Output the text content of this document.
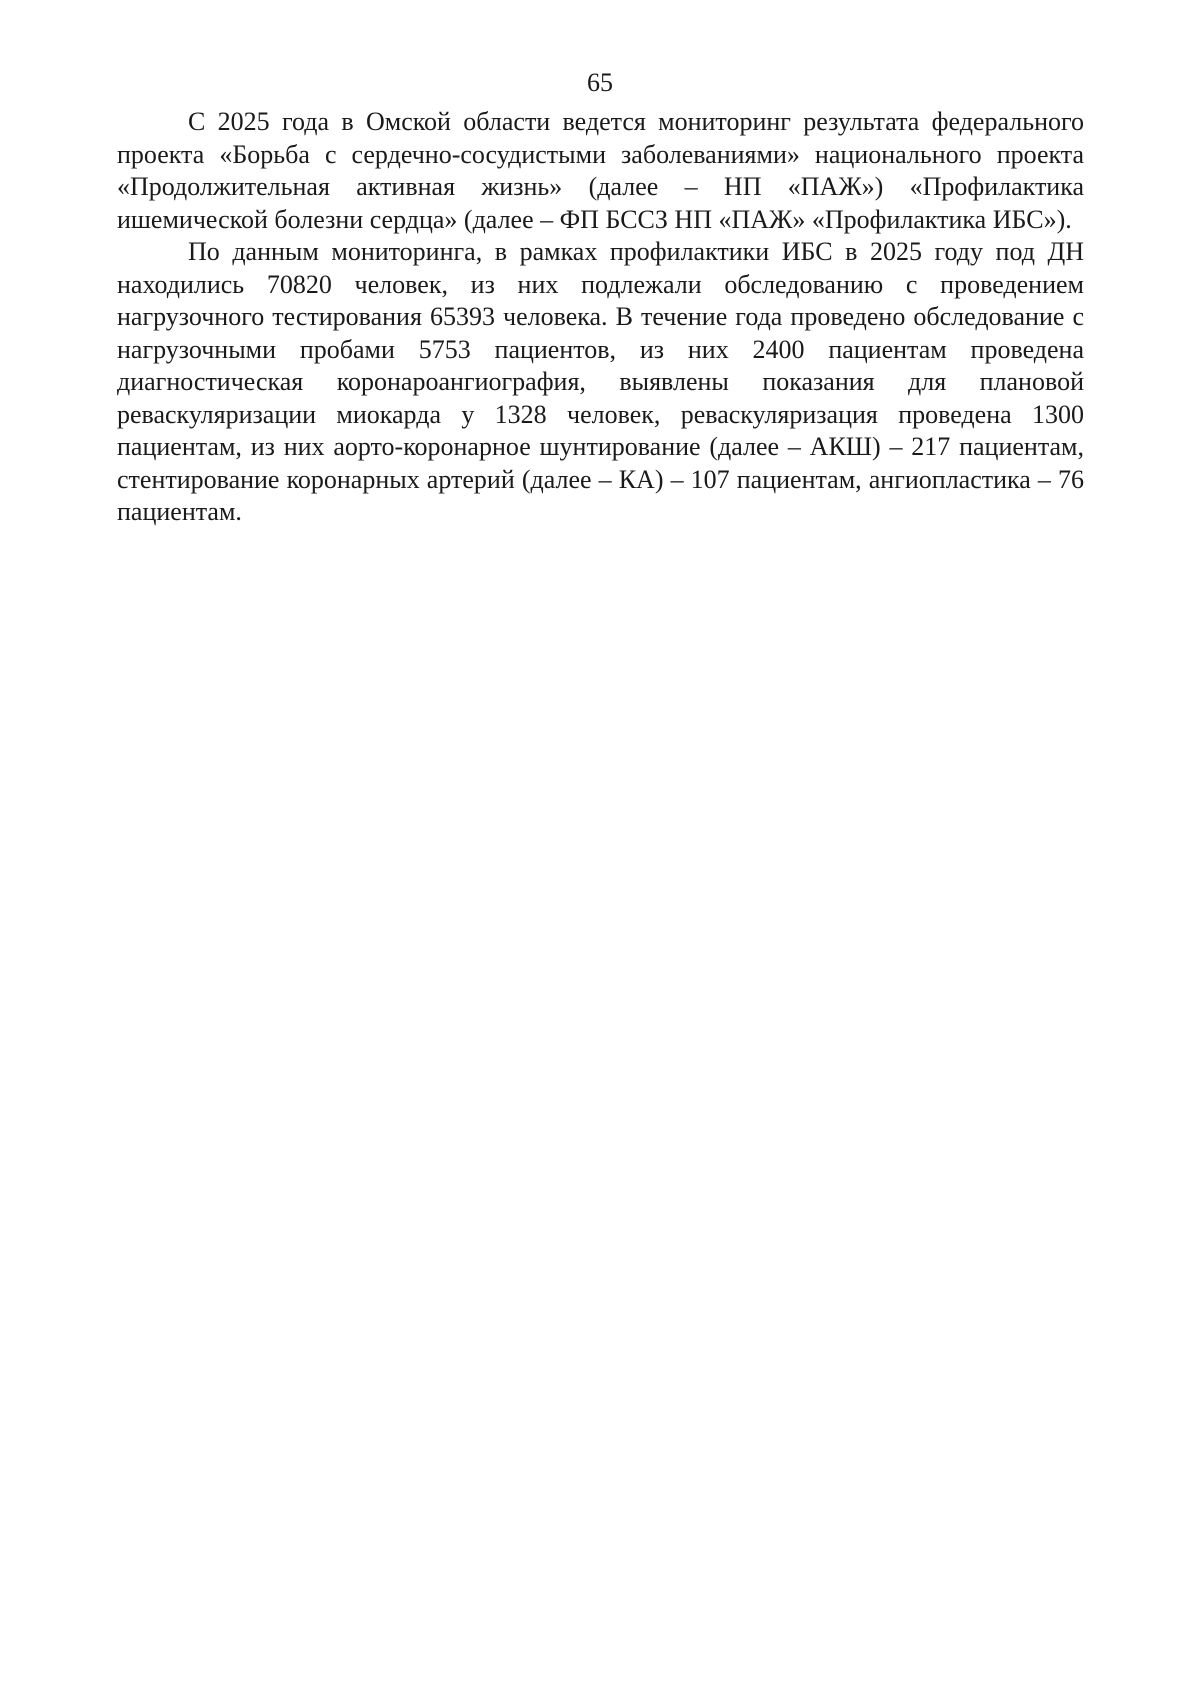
65

С 2025 года в Омской области ведется мониторинг результата федерального проекта «Борьба с сердечно-сосудистыми заболеваниями» национального проекта «Продолжительная активная жизнь» (далее – НП «ПАЖ») «Профилактика ишемической болезни сердца» (далее – ФП БССЗ НП «ПАЖ» «Профилактика ИБС»).

По данным мониторинга, в рамках профилактики ИБС в 2025 году под ДН находились 70820 человек, из них подлежали обследованию с проведением нагрузочного тестирования 65393 человека. В течение года проведено обследование с нагрузочными пробами 5753 пациентов, из них 2400 пациентам проведена диагностическая коронароангиография, выявлены показания для плановой реваскуляризации миокарда у 1328 человек, реваскуляризация проведена 1300 пациентам, из них аорто-коронарное шунтирование (далее – АКШ) – 217 пациентам, стентирование коронарных артерий (далее – КА) – 107 пациентам, ангиопластика – 76 пациентам.
